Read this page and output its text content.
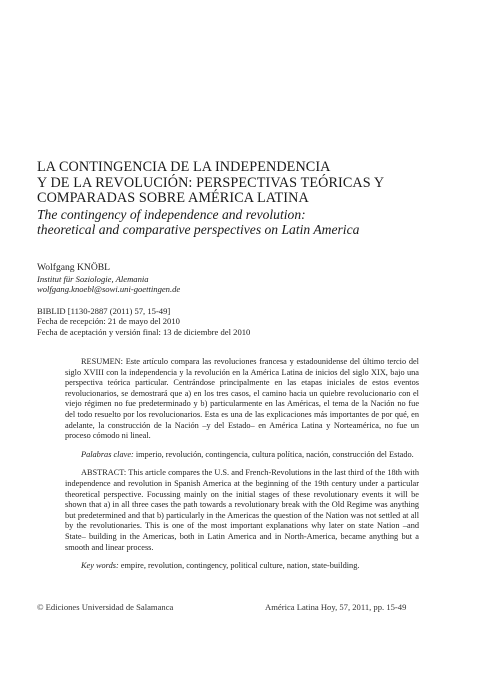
LA CONTINGENCIA DE LA INDEPENDENCIA
Y DE LA REVOLUCIÓN: PERSPECTIVAS TEÓRICAS Y
COMPARADAS SOBRE AMÉRICA LATINA
The contingency of independence and revolution:
theoretical and comparative perspectives on Latin America
Wolfgang KNÖBL
Institut für Soziologie, Alemania
wolfgang.knoebl@sowi.uni-goettingen.de
BIBLID [1130-2887 (2011) 57, 15-49]
Fecha de recepción: 21 de mayo del 2010
Fecha de aceptación y versión final: 13 de diciembre del 2010

RESUMEN: Este artículo compara las revoluciones francesa y estadounidense del último tercio del siglo XVIII con la independencia y la revolución en la América Latina de inicios del siglo XIX, bajo una perspectiva teórica particular. Centrándose principalmente en las etapas iniciales de estos eventos revolucionarios, se demostrará que a) en los tres casos, el camino hacia un quiebre revolucionario con el viejo régimen no fue predeterminado y b) particularmente en las Américas, el tema de la Nación no fue del todo resuelto por los revolucionarios. Esta es una de las explicaciones más importantes de por qué, en adelante, la construcción de la Nación –y del Estado– en América Latina y Norteamérica, no fue un proceso cómodo ni lineal.

Palabras clave: imperio, revolución, contingencia, cultura política, nación, construcción del Estado.

ABSTRACT: This article compares the U.S. and French-Revolutions in the last third of the 18th with independence and revolution in Spanish America at the beginning of the 19th century under a particular theoretical perspective. Focussing mainly on the initial stages of these revolutionary events it will be shown that a) in all three cases the path towards a revolutionary break with the Old Regime was anything but predetermined and that b) particularly in the Americas the question of the Nation was not settled at all by the revolutionaries. This is one of the most important explanations why later on state Nation –and State– building in the Americas, both in Latin America and in North-America, became anything but a smooth and linear process.

Key words: empire, revolution, contingency, political culture, nation, state-building.

© Ediciones Universidad de Salamanca	América Latina Hoy, 57, 2011, pp. 15-49
